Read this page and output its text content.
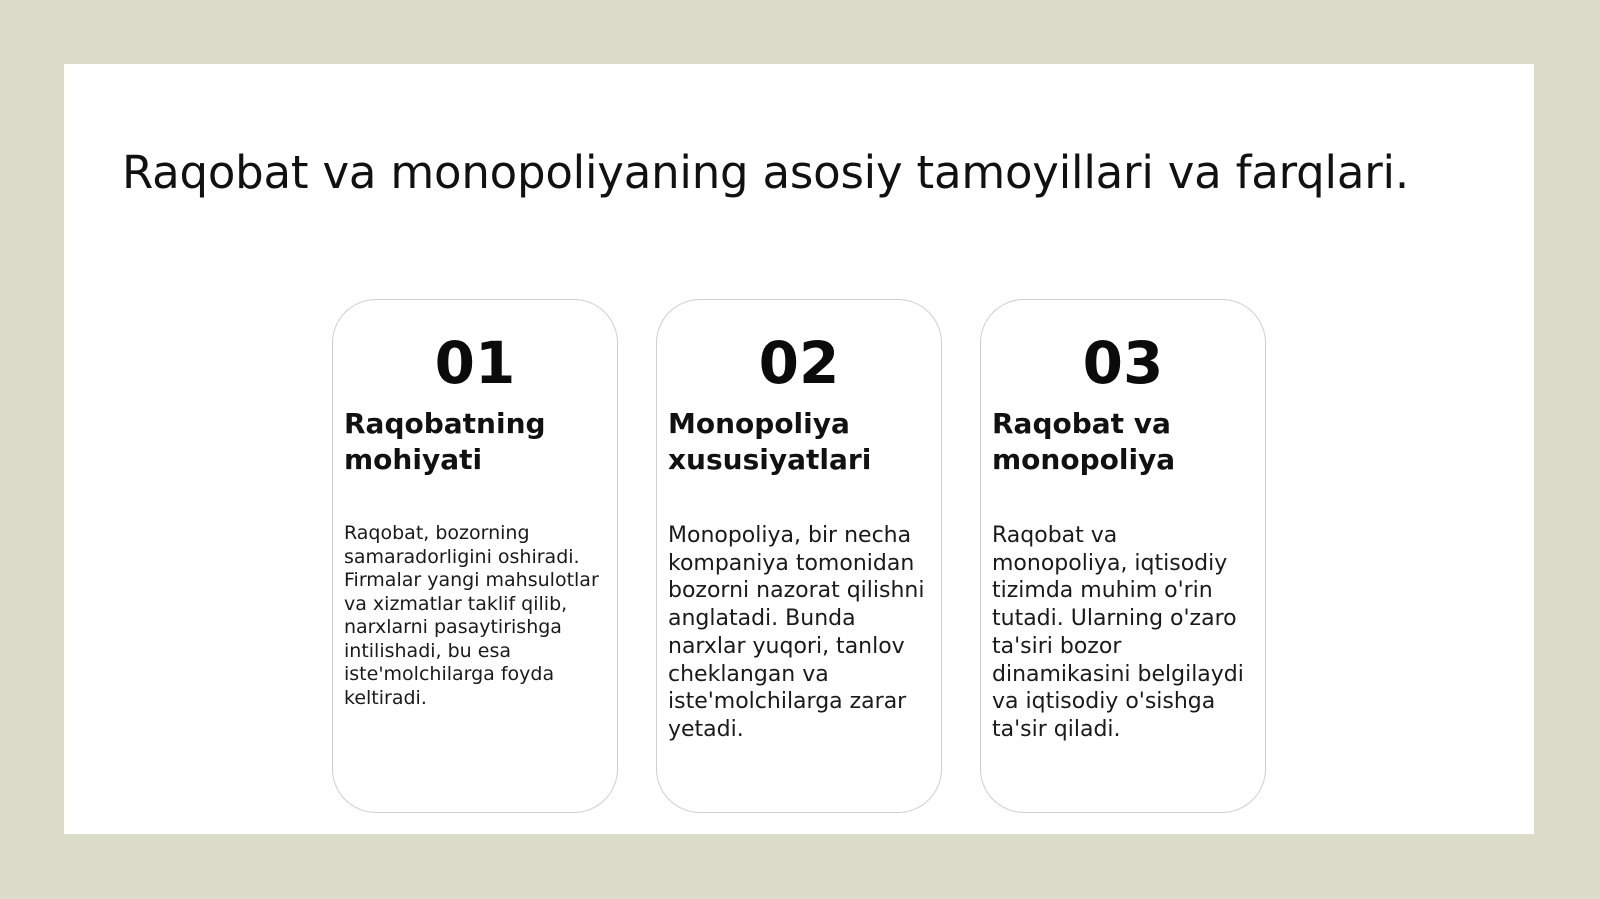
Raqobat va monopoliyaning asosiy tamoyillari va farqlari.
01
Raqobatning mohiyati

Raqobat, bozorning samaradorligini oshiradi. Firmalar yangi mahsulotlar va xizmatlar taklif qilib, narxlarni pasaytirishga intilishadi, bu esa iste'molchilarga foyda keltiradi.

02
Monopoliya xususiyatlari

Monopoliya, bir necha kompaniya tomonidan bozorni nazorat qilishni anglatadi. Bunda narxlar yuqori, tanlov cheklangan va iste'molchilarga zarar yetadi.

03
Raqobat va monopoliya

Raqobat va monopoliya, iqtisodiy tizimda muhim o'rin tutadi. Ularning o'zaro ta'siri bozor dinamikasini belgilaydi va iqtisodiy o'sishga ta'sir qiladi.
